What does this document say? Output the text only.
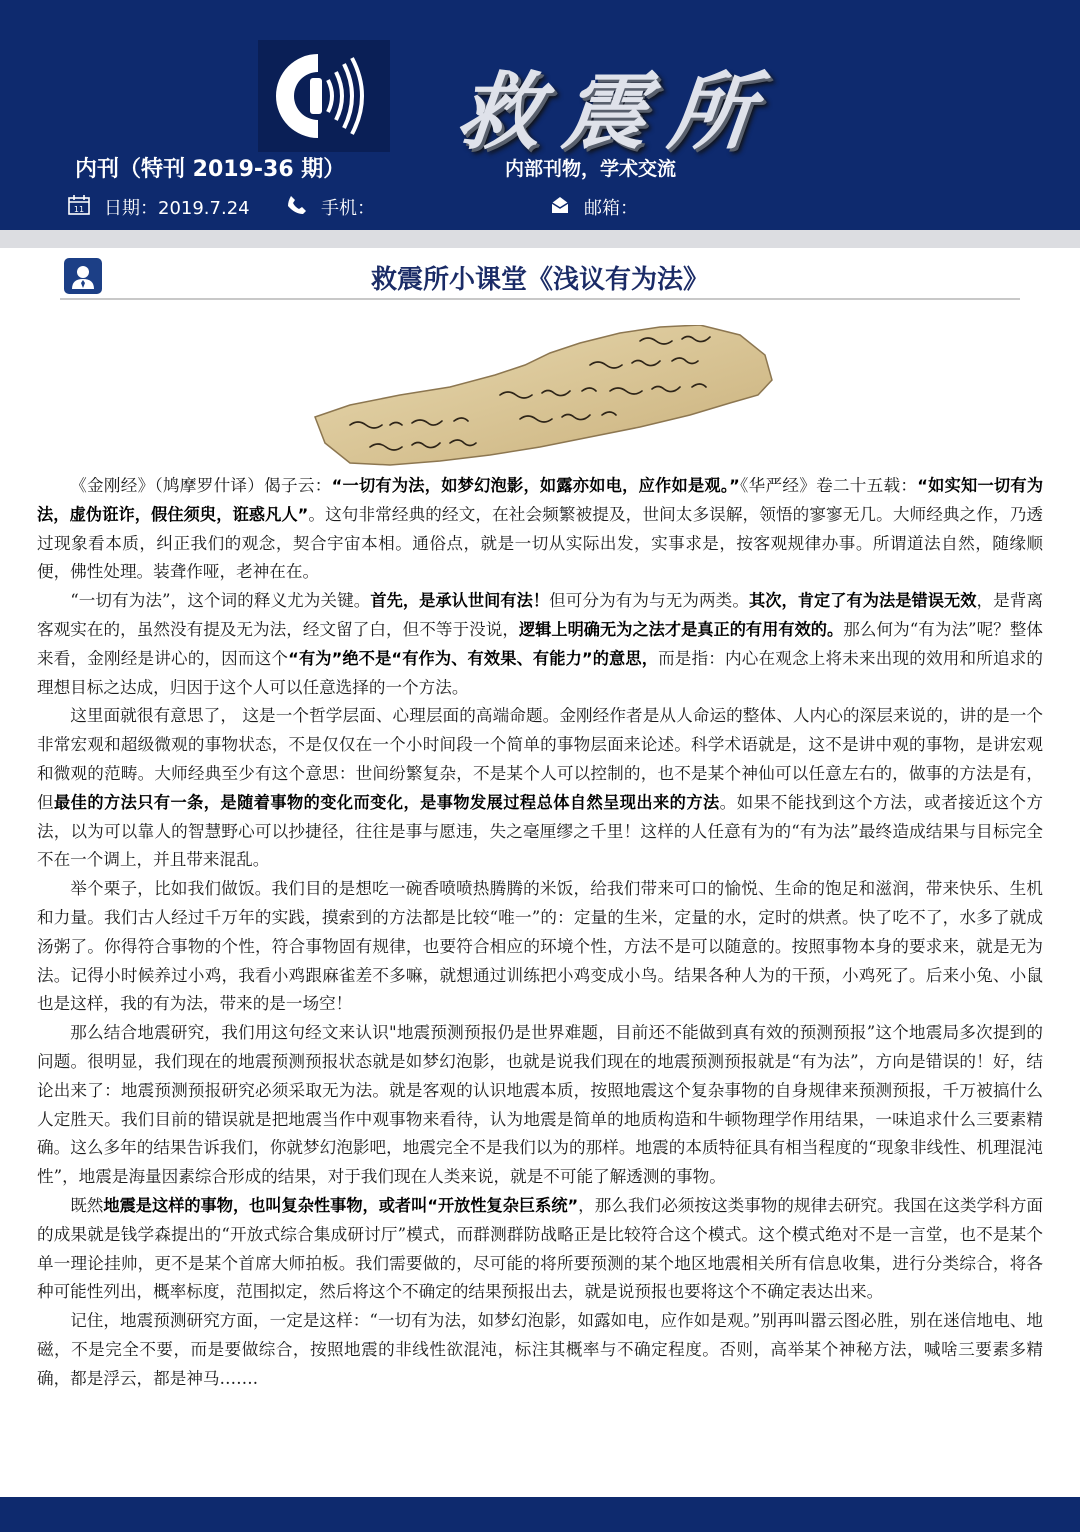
救震所
内刊（特刊 2019-36 期）	内部刊物，学术交流
11 日期：2019.7.24	手机：	邮箱：
救震所小课堂《浅议有为法》

《金刚经》（鸠摩罗什译）偈子云：“一切有为法，如梦幻泡影，如露亦如电，应作如是观。”《华严经》卷二十五载：“如实知一切有为法，虚伪诳诈，假住须臾，诳惑凡人”。这句非常经典的经文，在社会频繁被提及，世间太多误解，领悟的寥寥无几。大师经典之作，乃透过现象看本质，纠正我们的观念，契合宇宙本相。通俗点，就是一切从实际出发，实事求是，按客观规律办事。所谓道法自然，随缘顺便，佛性处理。装聋作哑，老神在在。

“一切有为法”，这个词的释义尤为关键。首先，是承认世间有法！但可分为有为与无为两类。其次，肯定了有为法是错误无效，是背离客观实在的，虽然没有提及无为法，经文留了白，但不等于没说，逻辑上明确无为之法才是真正的有用有效的。那么何为“有为法”呢？整体来看，金刚经是讲心的，因而这个“有为”绝不是“有作为、有效果、有能力”的意思，而是指：内心在观念上将未来出现的效用和所追求的理想目标之达成，归因于这个人可以任意选择的一个方法。

这里面就很有意思了， 这是一个哲学层面、心理层面的高端命题。金刚经作者是从人命运的整体、人内心的深层来说的，讲的是一个非常宏观和超级微观的事物状态，不是仅仅在一个小时间段一个简单的事物层面来论述。科学术语就是，这不是讲中观的事物，是讲宏观和微观的范畴。大师经典至少有这个意思：世间纷繁复杂，不是某个人可以控制的，也不是某个神仙可以任意左右的，做事的方法是有，但最佳的方法只有一条，是随着事物的变化而变化，是事物发展过程总体自然呈现出来的方法。如果不能找到这个方法，或者接近这个方法，以为可以靠人的智慧野心可以抄捷径，往往是事与愿违，失之毫厘缪之千里！这样的人任意有为的“有为法”最终造成结果与目标完全不在一个调上，并且带来混乱。

举个栗子，比如我们做饭。我们目的是想吃一碗香喷喷热腾腾的米饭，给我们带来可口的愉悦、生命的饱足和滋润，带来快乐、生机和力量。我们古人经过千万年的实践，摸索到的方法都是比较“唯一”的：定量的生米，定量的水，定时的烘煮。快了吃不了，水多了就成汤粥了。你得符合事物的个性，符合事物固有规律，也要符合相应的环境个性，方法不是可以随意的。按照事物本身的要求来，就是无为法。记得小时候养过小鸡，我看小鸡跟麻雀差不多嘛，就想通过训练把小鸡变成小鸟。结果各种人为的干预，小鸡死了。后来小兔、小鼠也是这样，我的有为法，带来的是一场空！

那么结合地震研究，我们用这句经文来认识"地震预测预报仍是世界难题，目前还不能做到真有效的预测预报”这个地震局多次提到的问题。很明显，我们现在的地震预测预报状态就是如梦幻泡影，也就是说我们现在的地震预测预报就是“有为法”，方向是错误的！好，结论出来了：地震预测预报研究必须采取无为法。就是客观的认识地震本质，按照地震这个复杂事物的自身规律来预测预报，千万被搞什么人定胜天。我们目前的错误就是把地震当作中观事物来看待，认为地震是简单的地质构造和牛顿物理学作用结果，一味追求什么三要素精确。这么多年的结果告诉我们，你就梦幻泡影吧，地震完全不是我们以为的那样。地震的本质特征具有相当程度的“现象非线性、机理混沌性”，地震是海量因素综合形成的结果，对于我们现在人类来说，就是不可能了解透测的事物。

既然地震是这样的事物，也叫复杂性事物，或者叫“开放性复杂巨系统”，那么我们必须按这类事物的规律去研究。我国在这类学科方面的成果就是钱学森提出的“开放式综合集成研讨厅”模式，而群测群防战略正是比较符合这个模式。这个模式绝对不是一言堂，也不是某个单一理论挂帅，更不是某个首席大师拍板。我们需要做的，尽可能的将所要预测的某个地区地震相关所有信息收集，进行分类综合，将各种可能性列出，概率标度，范围拟定，然后将这个不确定的结果预报出去，就是说预报也要将这个不确定表达出来。

记住，地震预测研究方面，一定是这样：“一切有为法，如梦幻泡影，如露如电，应作如是观。”别再叫嚣云图必胜，别在迷信地电、地磁，不是完全不要，而是要做综合，按照地震的非线性欲混沌，标注其概率与不确定程度。否则，高举某个神秘方法，喊啥三要素多精确，都是浮云，都是神马…….
